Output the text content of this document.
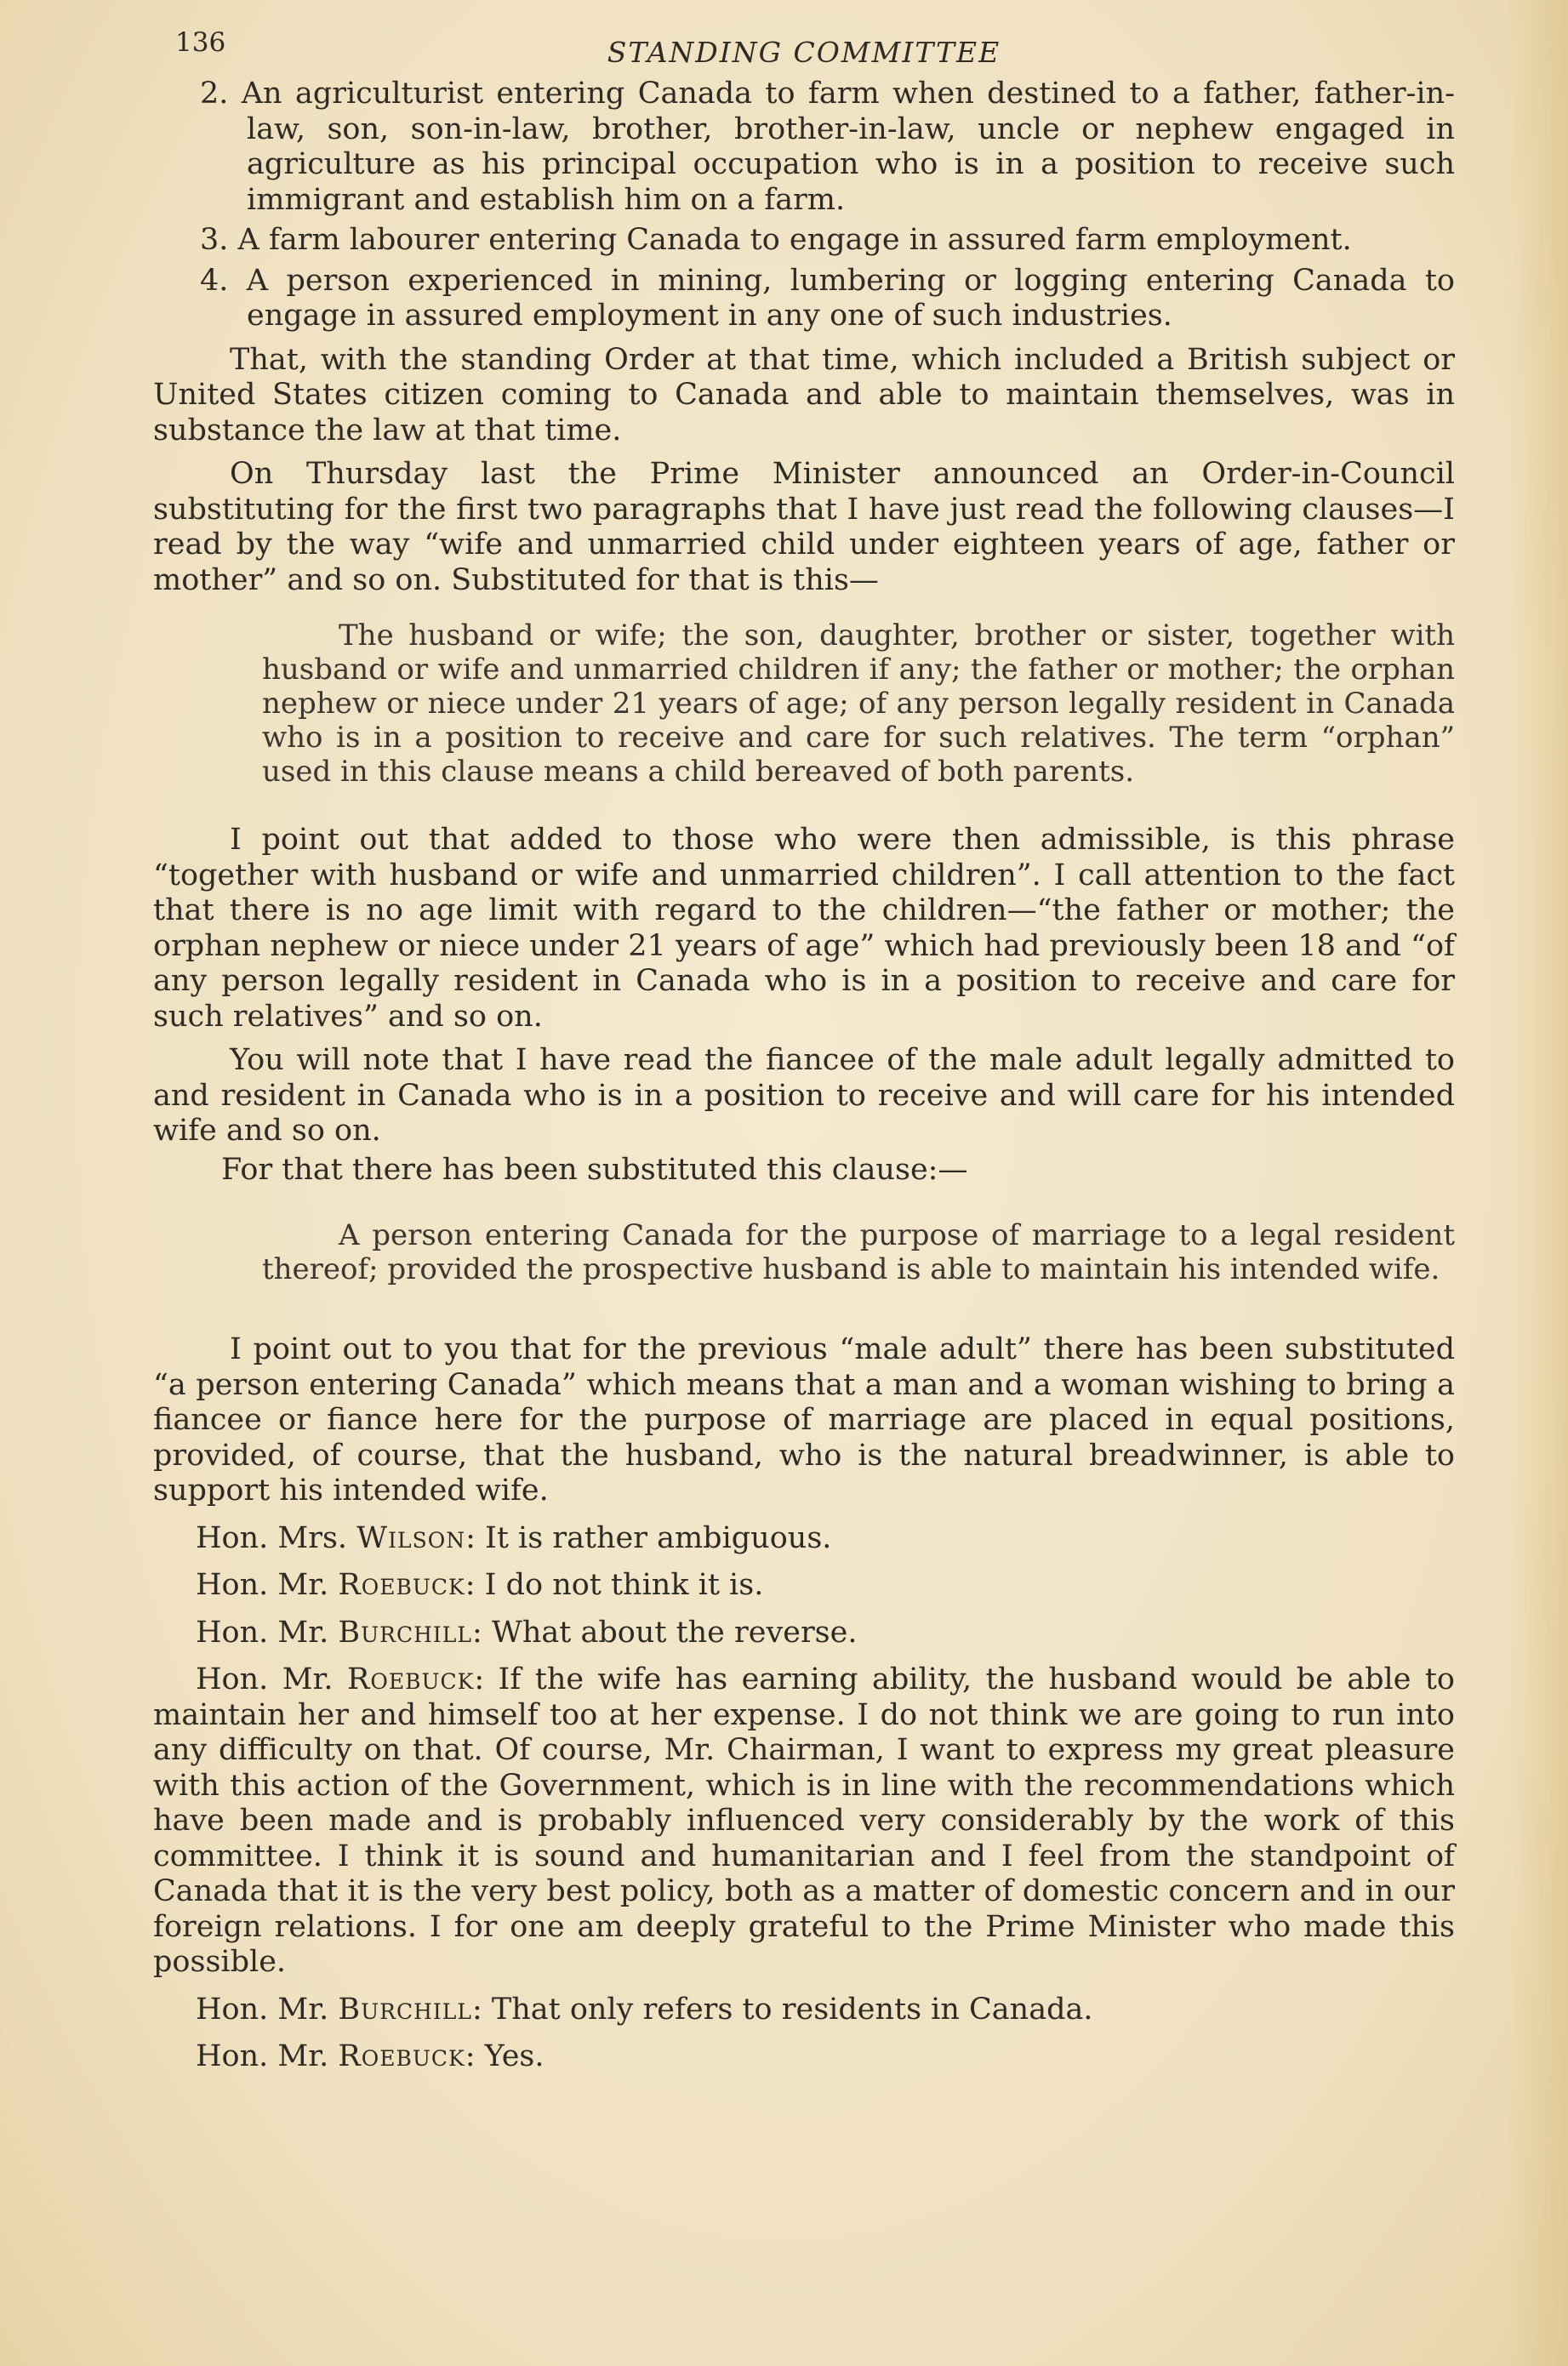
136	STANDING COMMITTEE

2. An agriculturist entering Canada to farm when destined to a father, father-in-law, son, son-in-law, brother, brother-in-law, uncle or nephew engaged in agriculture as his principal occupation who is in a position to receive such immigrant and establish him on a farm.

3. A farm labourer entering Canada to engage in assured farm employment.

4. A person experienced in mining, lumbering or logging entering Canada to engage in assured employment in any one of such industries.

That, with the standing Order at that time, which included a British subject or United States citizen coming to Canada and able to maintain themselves, was in substance the law at that time.

On Thursday last the Prime Minister announced an Order-in-Council substituting for the first two paragraphs that I have just read the following clauses—I read by the way “wife and unmarried child under eighteen years of age, father or mother” and so on. Substituted for that is this—

The husband or wife; the son, daughter, brother or sister, together with husband or wife and unmarried children if any; the father or mother; the orphan nephew or niece under 21 years of age; of any person legally resident in Canada who is in a position to receive and care for such relatives. The term “orphan” used in this clause means a child bereaved of both parents.

I point out that added to those who were then admissible, is this phrase “together with husband or wife and unmarried children”. I call attention to the fact that there is no age limit with regard to the children—“the father or mother; the orphan nephew or niece under 21 years of age” which had previously been 18 and “of any person legally resident in Canada who is in a position to receive and care for such relatives” and so on.

You will note that I have read the fiancee of the male adult legally admitted to and resident in Canada who is in a position to receive and will care for his intended wife and so on.

For that there has been substituted this clause:—

A person entering Canada for the purpose of marriage to a legal resident thereof; provided the prospective husband is able to maintain his intended wife.

I point out to you that for the previous “male adult” there has been substituted “a person entering Canada” which means that a man and a woman wishing to bring a fiancee or fiance here for the purpose of marriage are placed in equal positions, provided, of course, that the husband, who is the natural breadwinner, is able to support his intended wife.

Hon. Mrs. Wilson: It is rather ambiguous.

Hon. Mr. Roebuck: I do not think it is.

Hon. Mr. Burchill: What about the reverse.

Hon. Mr. Roebuck: If the wife has earning ability, the husband would be able to maintain her and himself too at her expense. I do not think we are going to run into any difficulty on that. Of course, Mr. Chairman, I want to express my great pleasure with this action of the Government, which is in line with the recommendations which have been made and is probably influenced very considerably by the work of this committee. I think it is sound and humanitarian and I feel from the standpoint of Canada that it is the very best policy, both as a matter of domestic concern and in our foreign relations. I for one am deeply grateful to the Prime Minister who made this possible.

Hon. Mr. Burchill: That only refers to residents in Canada.

Hon. Mr. Roebuck: Yes.
